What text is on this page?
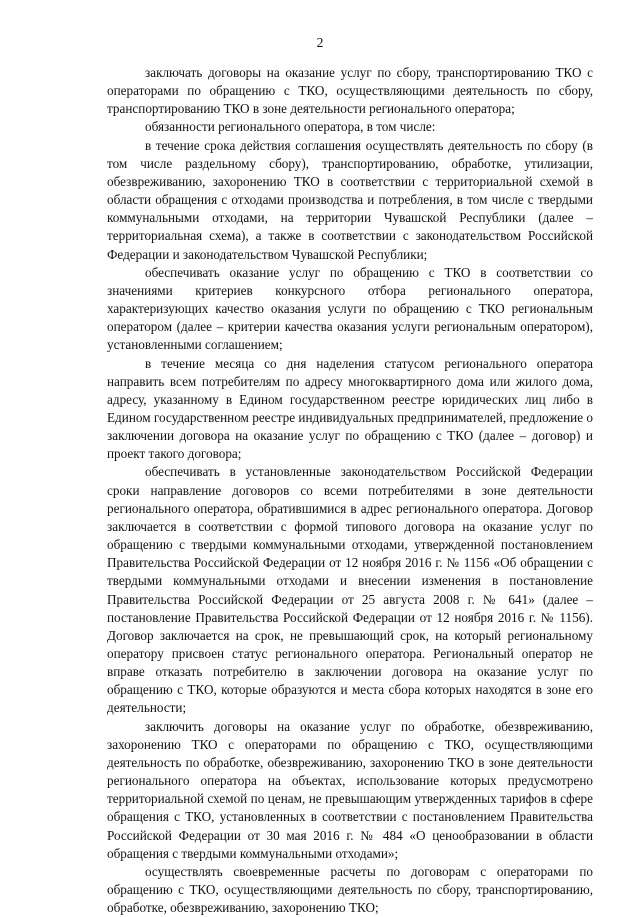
2

заключать договоры на оказание услуг по сбору, транспортированию ТКО с операторами по обращению с ТКО, осуществляющими деятельность по сбору, транспортированию ТКО в зоне деятельности регионального оператора;

обязанности регионального оператора, в том числе:

в течение срока действия соглашения осуществлять деятельность по сбору (в том числе раздельному сбору), транспортированию, обработке, утилизации, обезвреживанию, захоронению ТКО в соответствии с территориальной схемой в области обращения с отходами производства и потребления, в том числе с твердыми коммунальными отходами, на территории Чувашской Республики (далее – территориальная схема), а также в соответствии с законодательством Российской Федерации и законодательством Чувашской Республики;

обеспечивать оказание услуг по обращению с ТКО в соответствии со значениями критериев конкурсного отбора регионального оператора, характеризующих качество оказания услуги по обращению с ТКО региональным оператором (далее – критерии качества оказания услуги региональным оператором), установленными соглашением;

в течение месяца со дня наделения статусом регионального оператора направить всем потребителям по адресу многоквартирного дома или жилого дома, адресу, указанному в Едином государственном реестре юридических лиц либо в Едином государственном реестре индивидуальных предпринимателей, предложение о заключении договора на оказание услуг по обращению с ТКО (далее – договор) и проект такого договора;

обеспечивать в установленные законодательством Российской Федерации сроки направление договоров со всеми потребителями в зоне деятельности регионального оператора, обратившимися в адрес регионального оператора. Договор заключается в соответствии с формой типового договора на оказание услуг по обращению с твердыми коммунальными отходами, утвержденной постановлением Правительства Российской Федерации от 12 ноября 2016 г. № 1156 «Об обращении с твердыми коммунальными отходами и внесении изменения в постановление Правительства Российской Федерации от 25 августа 2008 г. № 641» (далее – постановление Правительства Российской Федерации от 12 ноября 2016 г. № 1156). Договор заключается на срок, не превышающий срок, на который региональному оператору присвоен статус регионального оператора. Региональный оператор не вправе отказать потребителю в заключении договора на оказание услуг по обращению с ТКО, которые образуются и места сбора которых находятся в зоне его деятельности;

заключить договоры на оказание услуг по обработке, обезвреживанию, захоронению ТКО с операторами по обращению с ТКО, осуществляющими деятельность по обработке, обезвреживанию, захоронению ТКО в зоне деятельности регионального оператора на объектах, использование которых предусмотрено территориальной схемой по ценам, не превышающим утвержденных тарифов в сфере обращения с ТКО, установленных в соответствии с постановлением Правительства Российской Федерации от 30 мая 2016 г. № 484 «О ценообразовании в области обращения с твердыми коммунальными отходами»;

осуществлять своевременные расчеты по договорам с операторами по обращению с ТКО, осуществляющими деятельность по сбору, транспортированию, обработке, обезвреживанию, захоронению ТКО;
